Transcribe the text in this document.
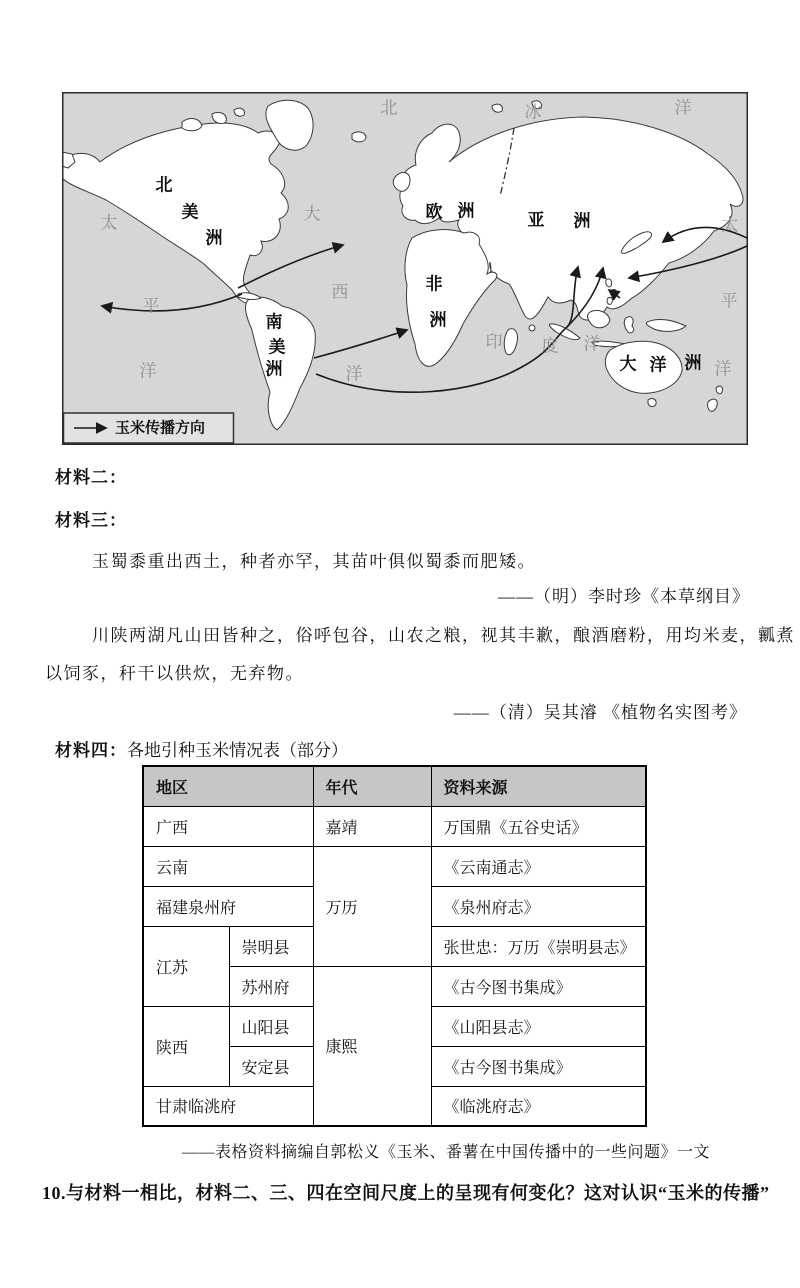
北
美
洲
南
美
洲
欧 洲	亚 洲
非
洲
大 洋 洲
北	冰	洋
太
平
洋
大
西
洋
印 度 洋
太
平
洋
玉米传播方向
材料二：
材料三：
玉蜀黍重出西土，种者亦罕，其苗叶俱似蜀黍而肥矮。
——（明）李时珍《本草纲目》
川陕两湖凡山田皆种之，俗呼包谷，山农之粮，视其丰歉，酿酒磨粉，用均米麦，瓤煮
以饲豕，秆干以供炊，无弃物。
——（清）吴其濬 《植物名实图考》
材料四：各地引种玉米情况表（部分）
地区		年代	资料来源
广西		嘉靖	万国鼎《五谷史话》
云南		万历	《云南通志》
福建泉州府			《泉州府志》
江苏	崇明县		张世忠：万历《崇明县志》
	苏州府	康熙	《古今图书集成》
陕西	山阳县		《山阳县志》
	安定县		《古今图书集成》
甘肃临洮府			《临洮府志》
——表格资料摘编自郭松义《玉米、番薯在中国传播中的一些问题》一文
10.与材料一相比，材料二、三、四在空间尺度上的呈现有何变化？这对认识“玉米的传播”
